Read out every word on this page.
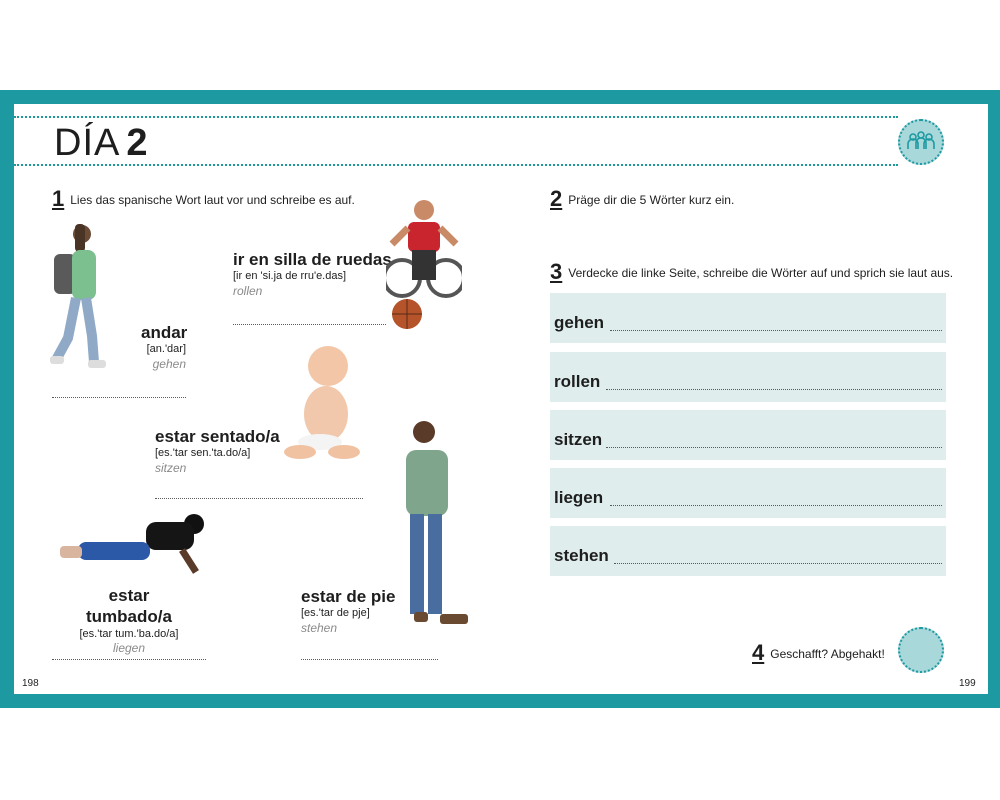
DÍA 2
1 Lies das spanische Wort laut vor und schreibe es auf.
andar
[an.'dar]
gehen
ir en silla de ruedas
[ir en 'si.ja de rru'e.das]
rollen
estar sentado/a
[es.'tar sen.'ta.do/a]
sitzen
estar de pie
[es.'tar de pje]
stehen
estar tumbado/a
[es.'tar tum.'ba.do/a]
liegen
2 Präge dir die 5 Wörter kurz ein.
3 Verdecke die linke Seite, schreibe die Wörter auf und sprich sie laut aus.
gehen
rollen
sitzen
liegen
stehen
4 Geschafft? Abgehakt!
198	199
